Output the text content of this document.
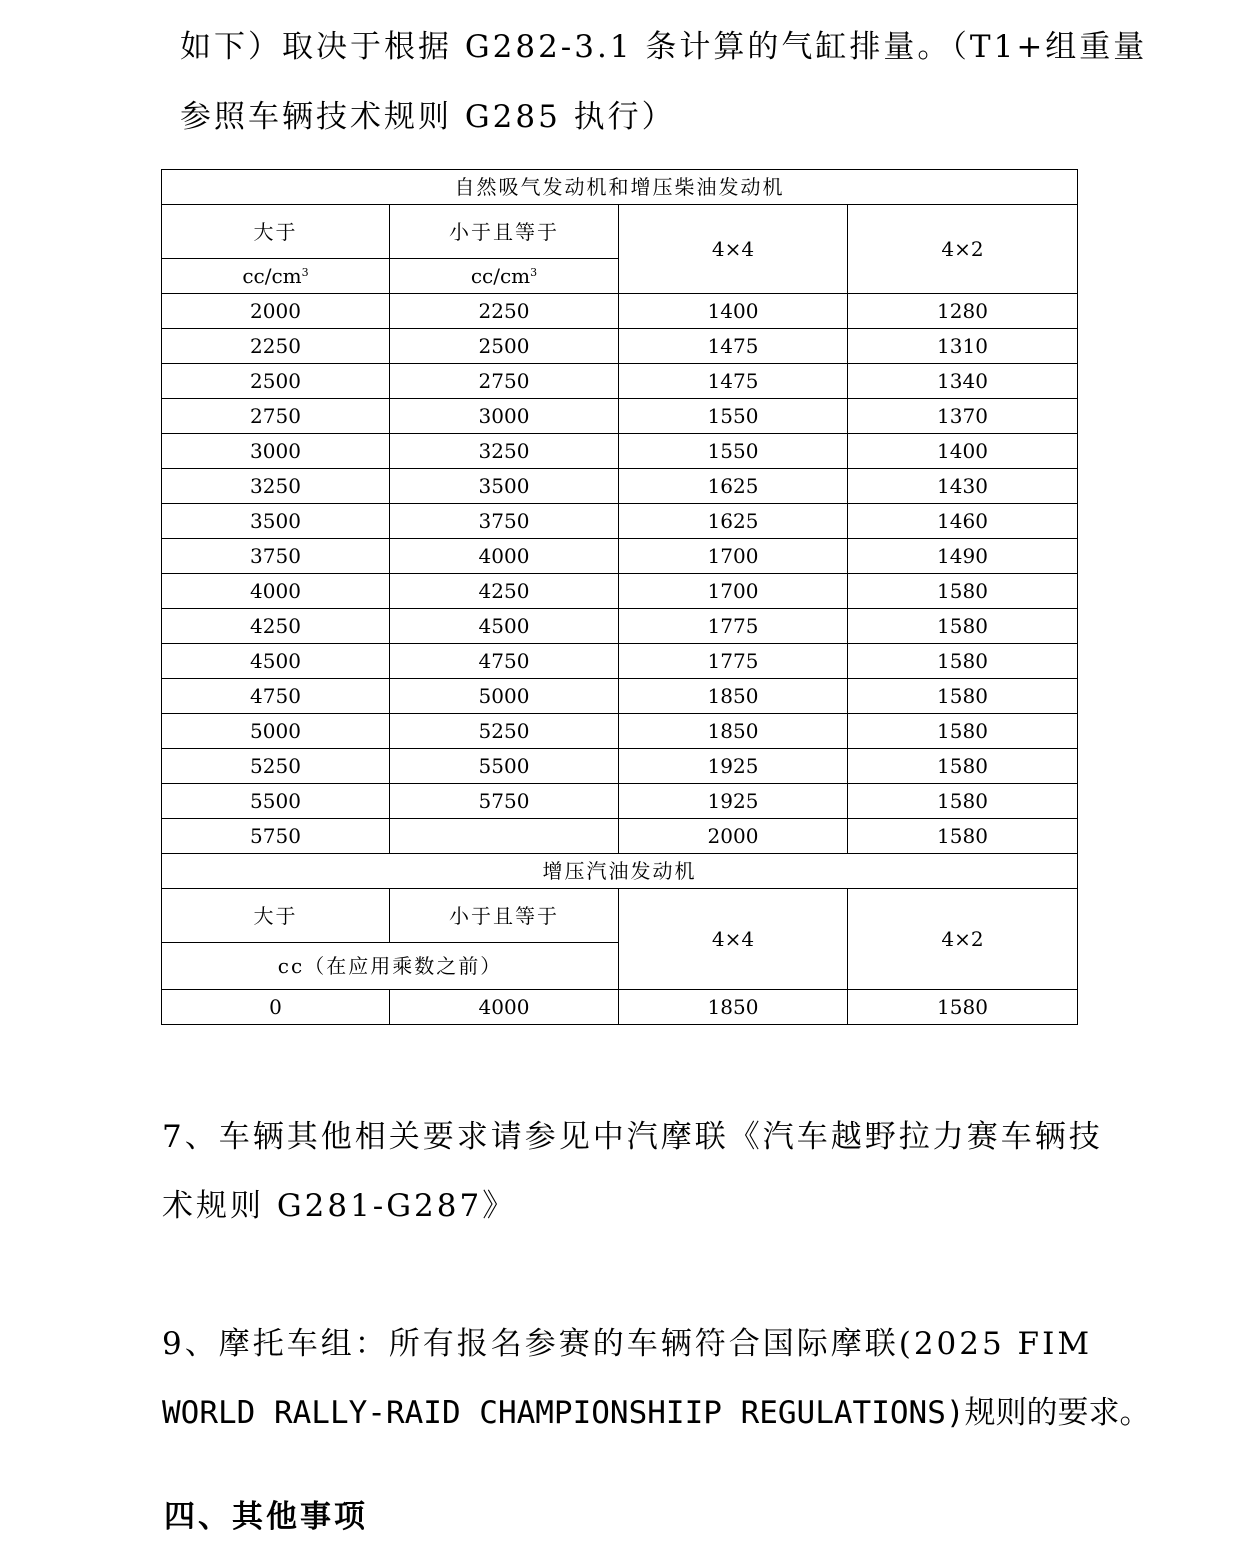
如下）取决于根据 G282-3.1 条计算的气缸排量。（T1+组重量

参照车辆技术规则 G285 执行）

自然吸气发动机和增压柴油发动机			
大于	小于且等于	4×4	4×2
$cc/cm^3$	$cc/cm^3$
2000	2250	1400	1280
2250	2500	1475	1310
2500	2750	1475	1340
2750	3000	1550	1370
3000	3250	1550	1400
3250	3500	1625	1430
3500	3750	1625	1460
3750	4000	1700	1490
4000	4250	1700	1580
4250	4500	1775	1580
4500	4750	1775	1580
4750	5000	1850	1580
5000	5250	1850	1580
5250	5500	1925	1580
5500	5750	1925	1580
5750		2000	1580
增压汽油发动机			
大于	小于且等于	4×4	4×2
cc（在应用乘数之前）			
0	4000	1850	1580

7、车辆其他相关要求请参见中汽摩联《汽车越野拉力赛车辆技

术规则 G281-G287》

9、摩托车组：所有报名参赛的车辆符合国际摩联(2025 FIM

WORLD RALLY-RAID CHAMPIONSHIIP REGULATIONS)规则的要求。

四、其他事项
